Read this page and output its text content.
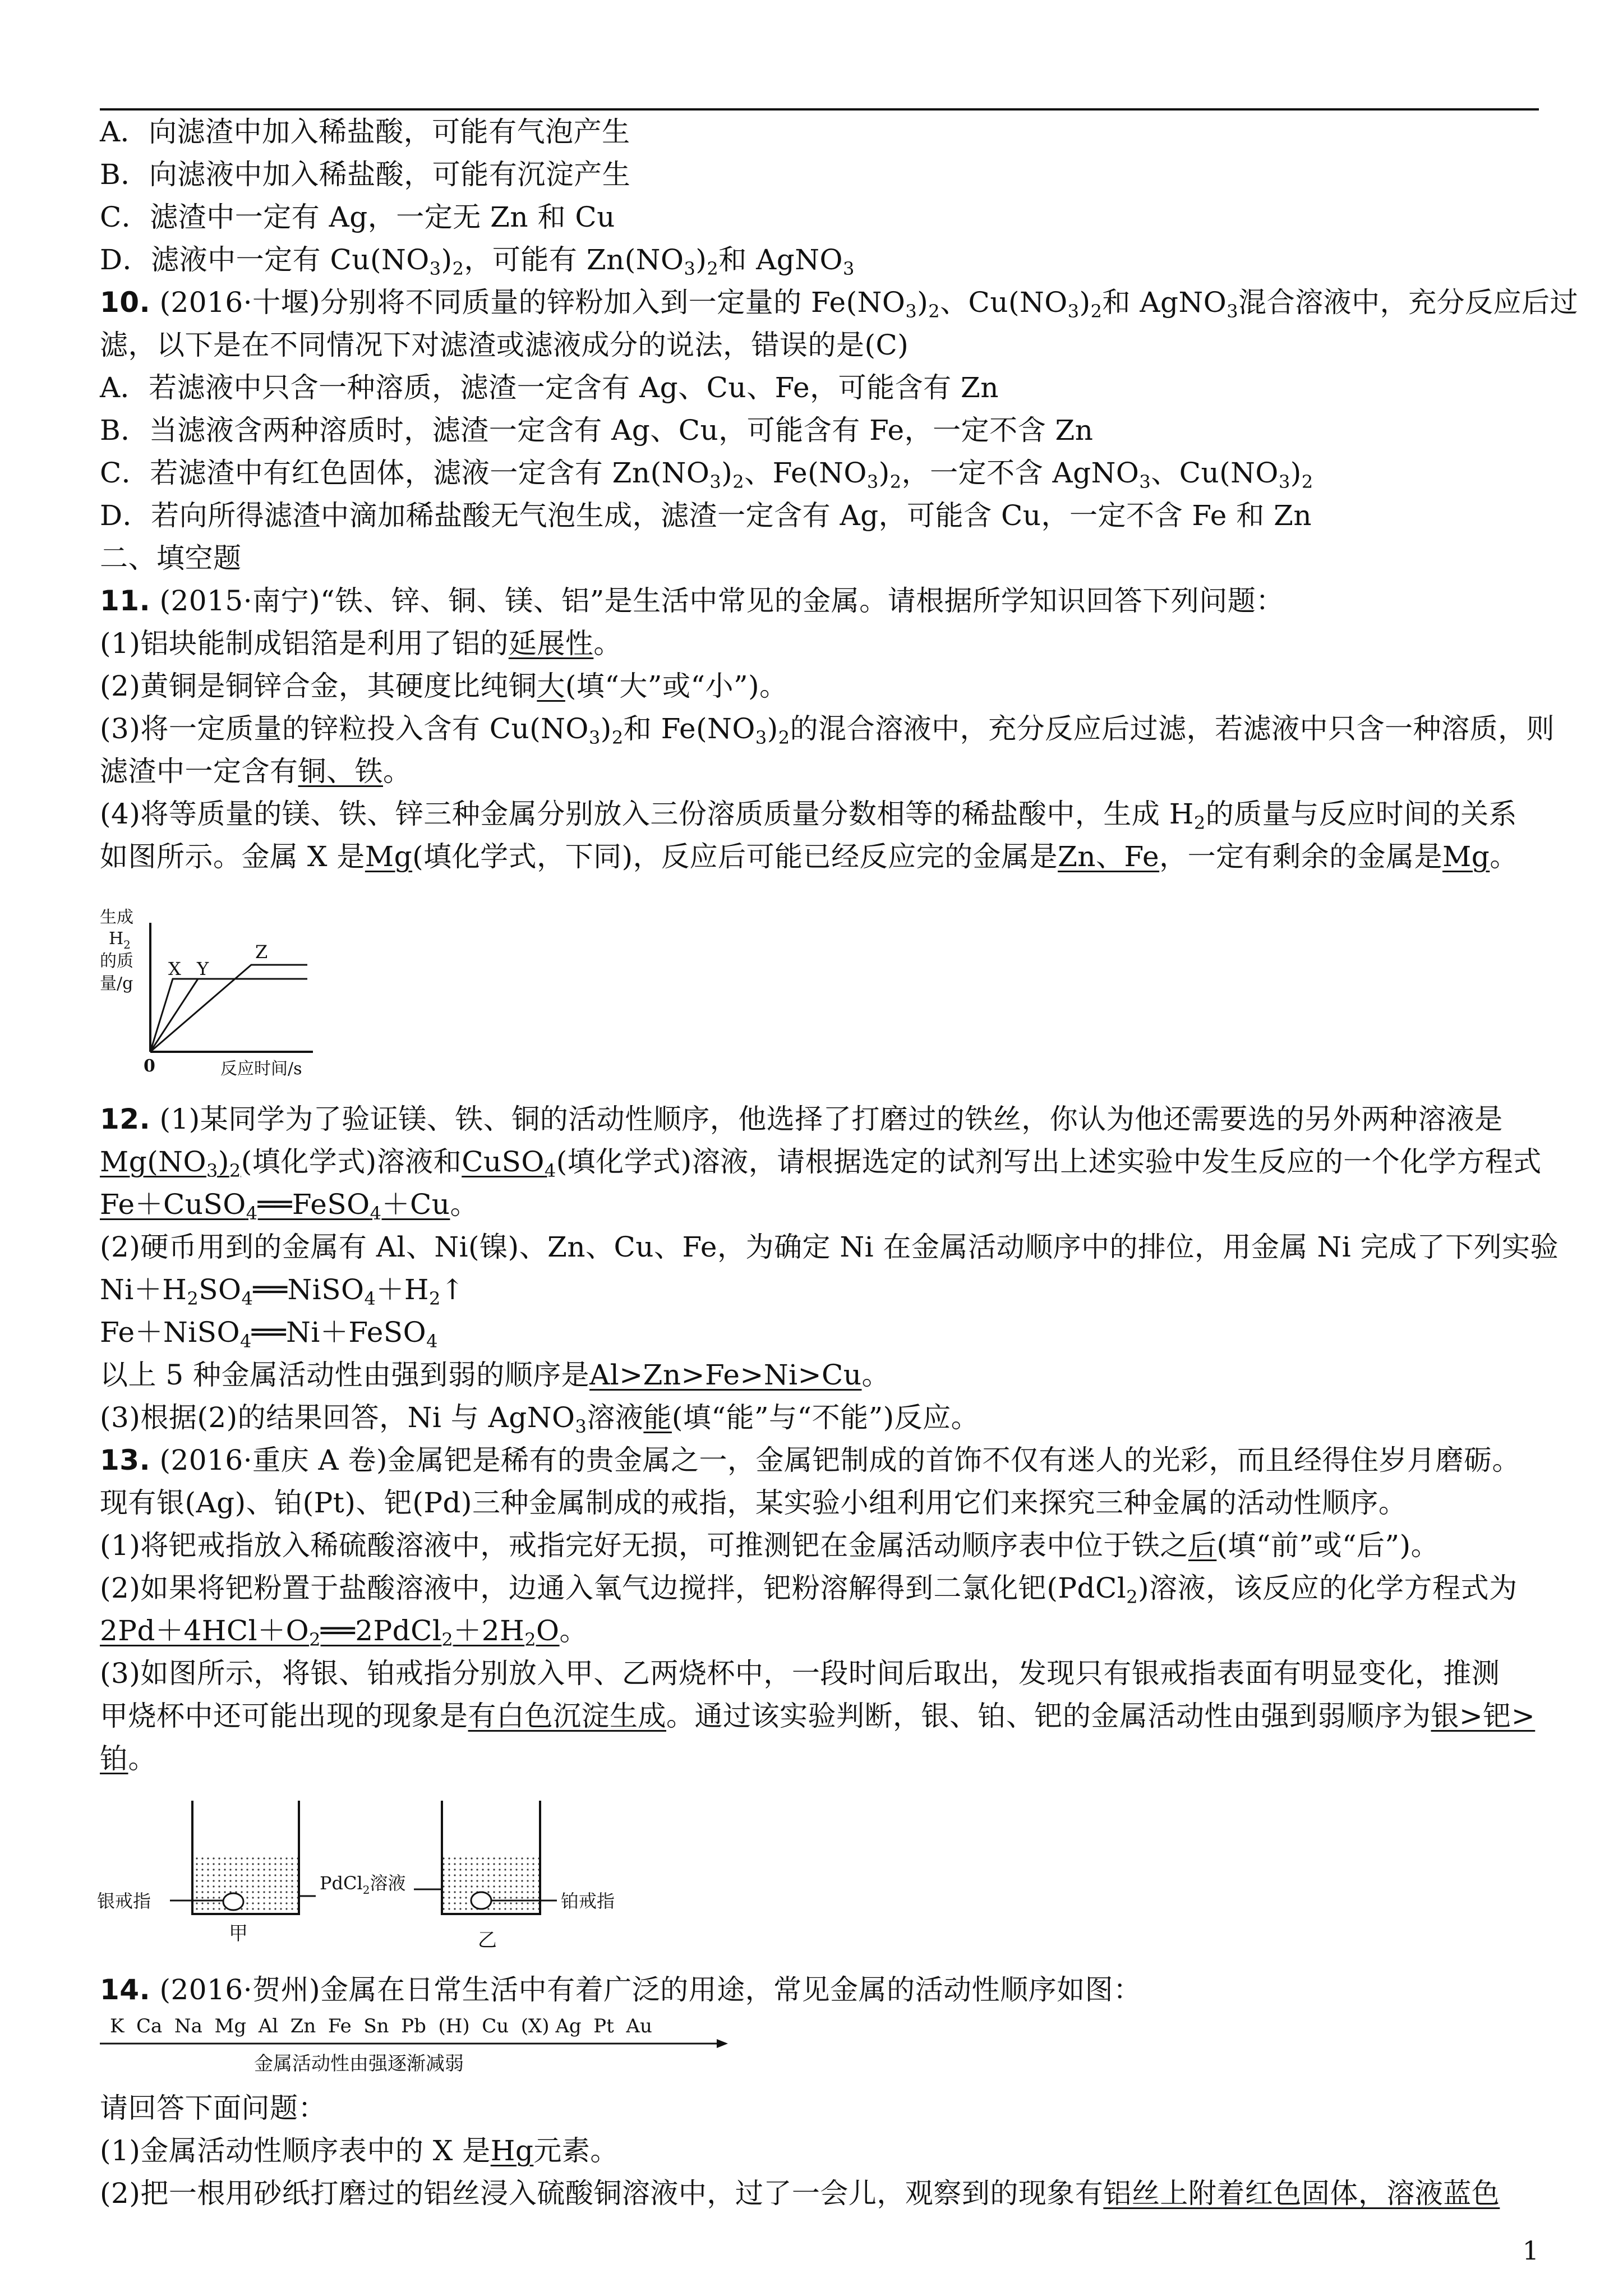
A．向滤渣中加入稀盐酸，可能有气泡产生
B．向滤液中加入稀盐酸，可能有沉淀产生
C．滤渣中一定有 Ag，一定无 Zn 和 Cu
D．滤液中一定有 $Cu(NO_3)_2$，可能有 $Zn(NO_3)_2$和 AgNO$_3$
10. (2016·十堰)分别将不同质量的锌粉加入到一定量的 $Fe(NO_3)_2$、$Cu(NO_3)_2$和 AgNO$_3$混合溶液中，充分反应后过
滤，以下是在不同情况下对滤渣或滤液成分的说法，错误的是(C)
A．若滤液中只含一种溶质，滤渣一定含有 Ag、Cu、Fe，可能含有 Zn
B．当滤液含两种溶质时，滤渣一定含有 Ag、Cu，可能含有 Fe，一定不含 Zn
C．若滤渣中有红色固体，滤液一定含有 $Zn(NO_3)_2$、$Fe(NO_3)_2$，一定不含 AgNO$_3$、$Cu(NO_3)_2$
D．若向所得滤渣中滴加稀盐酸无气泡生成，滤渣一定含有 Ag，可能含 Cu，一定不含 Fe 和 Zn
二、填空题
11. (2015·南宁)“铁、锌、铜、镁、铝”是生活中常见的金属。请根据所学知识回答下列问题：
(1)铝块能制成铝箔是利用了铝的延展性。
(2)黄铜是铜锌合金，其硬度比纯铜大(填“大”或“小”)。
(3)将一定质量的锌粒投入含有 $Cu(NO_3)_2$和 $Fe(NO_3)_2$的混合溶液中，充分反应后过滤，若滤液中只含一种溶质，则
滤渣中一定含有铜、铁。
(4)将等质量的镁、铁、锌三种金属分别放入三份溶质质量分数相等的稀盐酸中，生成 $H_2$的质量与反应时间的关系
如图所示。金属 X 是Mg(填化学式，下同)，反应后可能已经反应完的金属是Zn、Fe，一定有剩余的金属是Mg。
生成
$H_2$
的质
量/g
X Y
Z
0	反应时间/s
12. (1)某同学为了验证镁、铁、铜的活动性顺序，他选择了打磨过的铁丝，你认为他还需要选的另外两种溶液是
$Mg(NO_3)_2$(填化学式)溶液和CuSO$_4$(填化学式)溶液，请根据选定的试剂写出上述实验中发生反应的一个化学方程式
Fe＋CuSO$_4$══FeSO$_4$＋Cu。
(2)硬币用到的金属有 Al、Ni(镍)、Zn、Cu、Fe，为确定 Ni 在金属活动顺序中的排位，用金属 Ni 完成了下列实验
$Ni+H_2SO_4══NiSO_4+H_2↑$
Fe＋NiSO$_4$══Ni＋FeSO$_4$
以上 5 种金属活动性由强到弱的顺序是Al>Zn>Fe>Ni>Cu。
(3)根据(2)的结果回答，Ni 与 AgNO$_3$溶液能(填“能”与“不能”)反应。
13. (2016·重庆 A 卷)金属钯是稀有的贵金属之一，金属钯制成的首饰不仅有迷人的光彩，而且经得住岁月磨砺。
现有银(Ag)、铂(Pt)、钯(Pd)三种金属制成的戒指，某实验小组利用它们来探究三种金属的活动性顺序。
(1)将钯戒指放入稀硫酸溶液中，戒指完好无损，可推测钯在金属活动顺序表中位于铁之后(填“前”或“后”)。
(2)如果将钯粉置于盐酸溶液中，边通入氧气边搅拌，钯粉溶解得到二氯化钯(PdCl$_2$)溶液，该反应的化学方程式为
$2Pd+4HCl+O_2══2PdCl_2+2H_2O$。
(3)如图所示，将银、铂戒指分别放入甲、乙两烧杯中，一段时间后取出，发现只有银戒指表面有明显变化，推测
甲烧杯中还可能出现的现象是有白色沉淀生成。通过该实验判断，银、铂、钯的金属活动性由强到弱顺序为银>钯>
铂。
银戒指
PdCl$_2$溶液
铂戒指
甲	乙
14. (2016·贺州)金属在日常生活中有着广泛的用途，常见金属的活动性顺序如图：
K  Ca  Na  Mg  Al  Zn  Fe  Sn  Pb  (H)  Cu  (X) Ag  Pt  Au
金属活动性由强逐渐减弱
请回答下面问题：
(1)金属活动性顺序表中的 X 是Hg元素。
(2)把一根用砂纸打磨过的铝丝浸入硫酸铜溶液中，过了一会儿，观察到的现象有铝丝上附着红色固体，溶液蓝色
1
